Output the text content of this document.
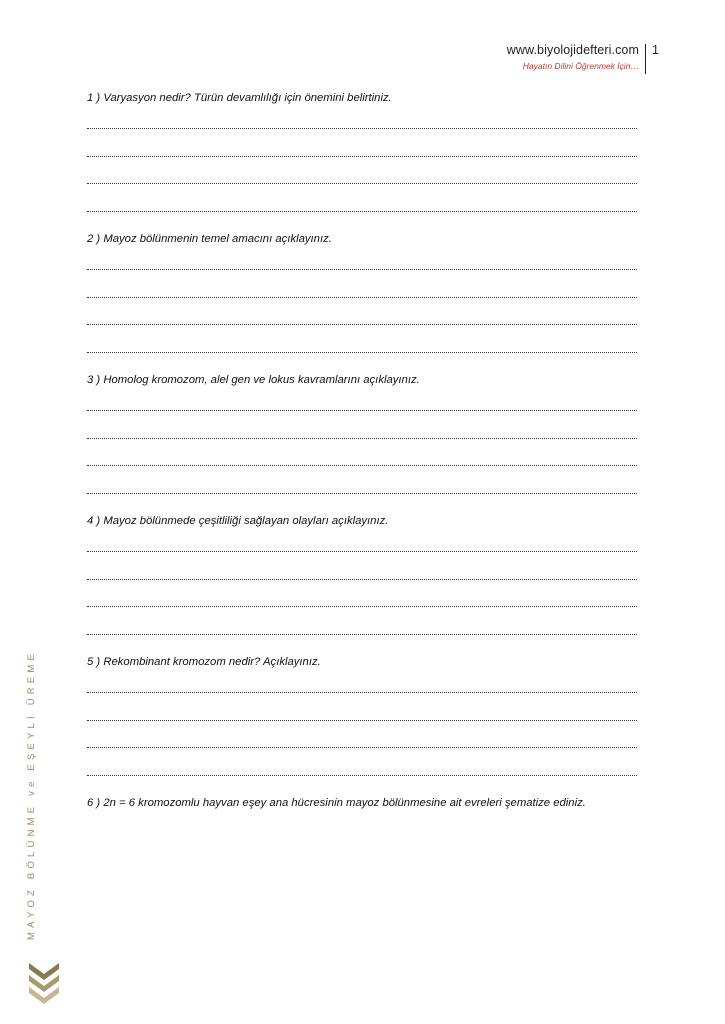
www.biyolojidefteri.com
Hayatın Dilini Öğrenmek İçin…
1
1 ) Varyasyon nedir? Türün devamlılığı için önemini belirtiniz.
2 ) Mayoz bölünmenin temel amacını açıklayınız.
3 ) Homolog kromozom, alel gen ve lokus kavramlarını açıklayınız.
4 ) Mayoz bölünmede çeşitliliği sağlayan olayları açıklayınız.
5 ) Rekombinant kromozom nedir? Açıklayınız.
6 ) 2n = 6 kromozomlu hayvan eşey ana hücresinin mayoz bölünmesine ait evreleri şematize ediniz.
MAYOZ BÖLÜNME ve EŞEYLİ ÜREME
